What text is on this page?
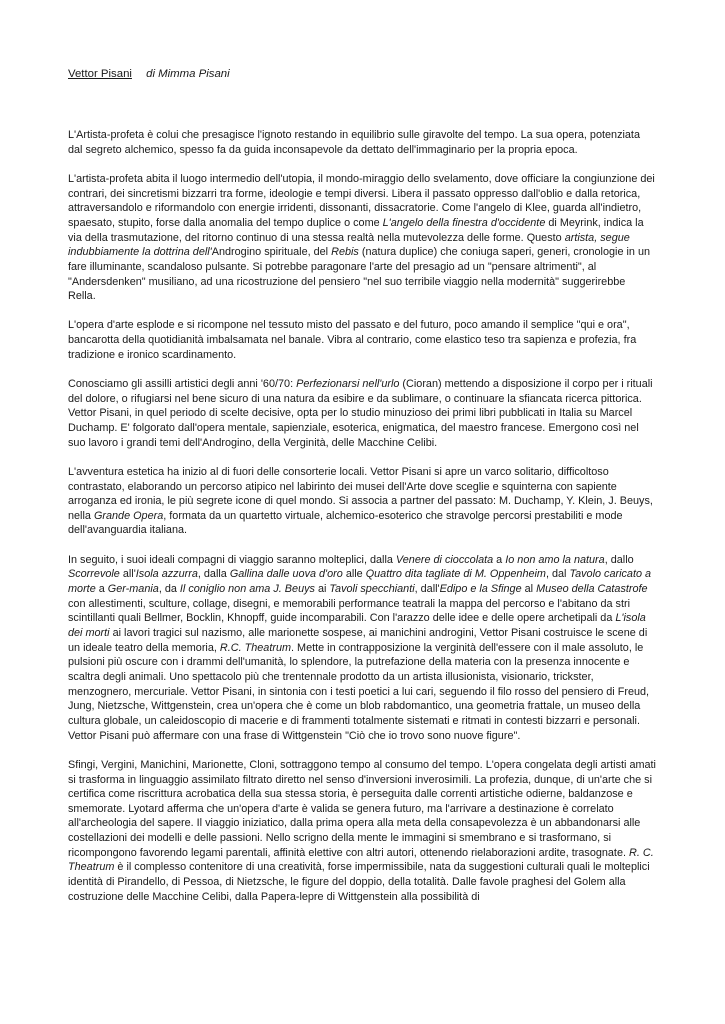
Vettor Pisani di Mimma Pisani

L'Artista-profeta è colui che presagisce l'ignoto restando in equilibrio sulle giravolte del tempo. La sua opera, potenziata dal segreto alchemico, spesso fa da guida inconsapevole da dettato dell'immaginario per la propria epoca.

L'artista-profeta abita il luogo intermedio dell'utopia, il mondo-miraggio dello svelamento, dove officiare la congiunzione dei contrari, dei sincretismi bizzarri tra forme, ideologie e tempi diversi. Libera il passato oppresso dall'oblio e dalla retorica, attraversandolo e riformandolo con energie irridenti, dissonanti, dissacratorie. Come l'angelo di Klee, guarda all'indietro, spaesato, stupito, forse dalla anomalia del tempo duplice o come L'angelo della finestra d'occidente di Meyrink, indica la via della trasmutazione, del ritorno continuo di una stessa realtà nella mutevolezza delle forme. Questo artista, segue indubbiamente la dottrina dell'Androgino spirituale, del Rebis (natura duplice) che coniuga saperi, generi, cronologie in un fare illuminante, scandaloso pulsante. Si potrebbe paragonare l'arte del presagio ad un "pensare altrimenti", al "Andersdenken" musiliano, ad una ricostruzione del pensiero "nel suo terribile viaggio nella modernità" suggerirebbe Rella.

L'opera d'arte esplode e si ricompone nel tessuto misto del passato e del futuro, poco amando il semplice "qui e ora", bancarotta della quotidianità imbalsamata nel banale. Vibra al contrario, come elastico teso tra sapienza e profezia, fra tradizione e ironico scardinamento.

Conosciamo gli assilli artistici degli anni '60/70: Perfezionarsi nell'urlo (Cioran) mettendo a disposizione il corpo per i rituali del dolore, o rifugiarsi nel bene sicuro di una natura da esibire e da sublimare, o continuare la sfiancata ricerca pittorica. Vettor Pisani, in quel periodo di scelte decisive, opta per lo studio minuzioso dei primi libri pubblicati in Italia su Marcel Duchamp. E' folgorato dall'opera mentale, sapienziale, esoterica, enigmatica, del maestro francese. Emergono così nel suo lavoro i grandi temi dell'Androgino, della Verginità, delle Macchine Celibi.

L'avventura estetica ha inizio al di fuori delle consorterie locali. Vettor Pisani si apre un varco solitario, difficoltoso contrastato, elaborando un percorso atipico nel labirinto dei musei dell'Arte dove sceglie e squinterna con sapiente arroganza ed ironia, le più segrete icone di quel mondo. Si associa a partner del passato: M. Duchamp, Y. Klein, J. Beuys, nella Grande Opera, formata da un quartetto virtuale, alchemico-esoterico che stravolge percorsi prestabiliti e mode dell'avanguardia italiana.

In seguito, i suoi ideali compagni di viaggio saranno molteplici, dalla Venere di cioccolata a Io non amo la natura, dallo Scorrevole all'Isola azzurra, dalla Gallina dalle uova d'oro alle Quattro dita tagliate di M. Oppenheim, dal Tavolo caricato a morte a Ger-mania, da Il coniglio non ama J. Beuys ai Tavoli specchianti, dall'Edipo e la Sfinge al Museo della Catastrofe con allestimenti, sculture, collage, disegni, e memorabili performance teatrali la mappa del percorso e l'abitano da stri scintillanti quali Bellmer, Bocklin, Khnopff, guide incomparabili. Con l'arazzo delle idee e delle opere archetipali da L'isola dei morti ai lavori tragici sul nazismo, alle marionette sospese, ai manichini androgini, Vettor Pisani costruisce le scene di un ideale teatro della memoria, R.C. Theatrum. Mette in contrapposizione la verginità dell'essere con il male assoluto, le pulsioni più oscure con i drammi dell'umanità, lo splendore, la putrefazione della materia con la presenza innocente e scaltra degli animali. Uno spettacolo più che trentennale prodotto da un artista illusionista, visionario, trickster, menzognero, mercuriale. Vettor Pisani, in sintonia con i testi poetici a lui cari, seguendo il filo rosso del pensiero di Freud, Jung, Nietzsche, Wittgenstein, crea un'opera che è come un blob rabdomantico, una geometria frattale, un museo della cultura globale, un caleidoscopio di macerie e di frammenti totalmente sistemati e ritmati in contesti bizzarri e personali. Vettor Pisani può affermare con una frase di Wittgenstein "Ciò che io trovo sono nuove figure".

Sfingi, Vergini, Manichini, Marionette, Cloni, sottraggono tempo al consumo del tempo. L'opera congelata degli artisti amati si trasforma in linguaggio assimilato filtrato diretto nel senso d'inversioni inverosimili. La profezia, dunque, di un'arte che si certifica come riscrittura acrobatica della sua stessa storia, è perseguita dalle correnti artistiche odierne, baldanzose e smemorate. Lyotard afferma che un'opera d'arte è valida se genera futuro, ma l'arrivare a destinazione è correlato all'archeologia del sapere. Il viaggio iniziatico, dalla prima opera alla meta della consapevolezza è un abbandonarsi alle costellazioni dei modelli e delle passioni. Nello scrigno della mente le immagini si smembrano e si trasformano, si ricompongono favorendo legami parentali, affinità elettive con altri autori, ottenendo rielaborazioni ardite, trasognate. R. C. Theatrum è il complesso contenitore di una creatività, forse impermissibile, nata da suggestioni culturali quali le molteplici identità di Pirandello, di Pessoa, di Nietzsche, le figure del doppio, della totalità. Dalle favole praghesi del Golem alla costruzione delle Macchine Celibi, dalla Papera-lepre di Wittgenstein alla possibilità di
